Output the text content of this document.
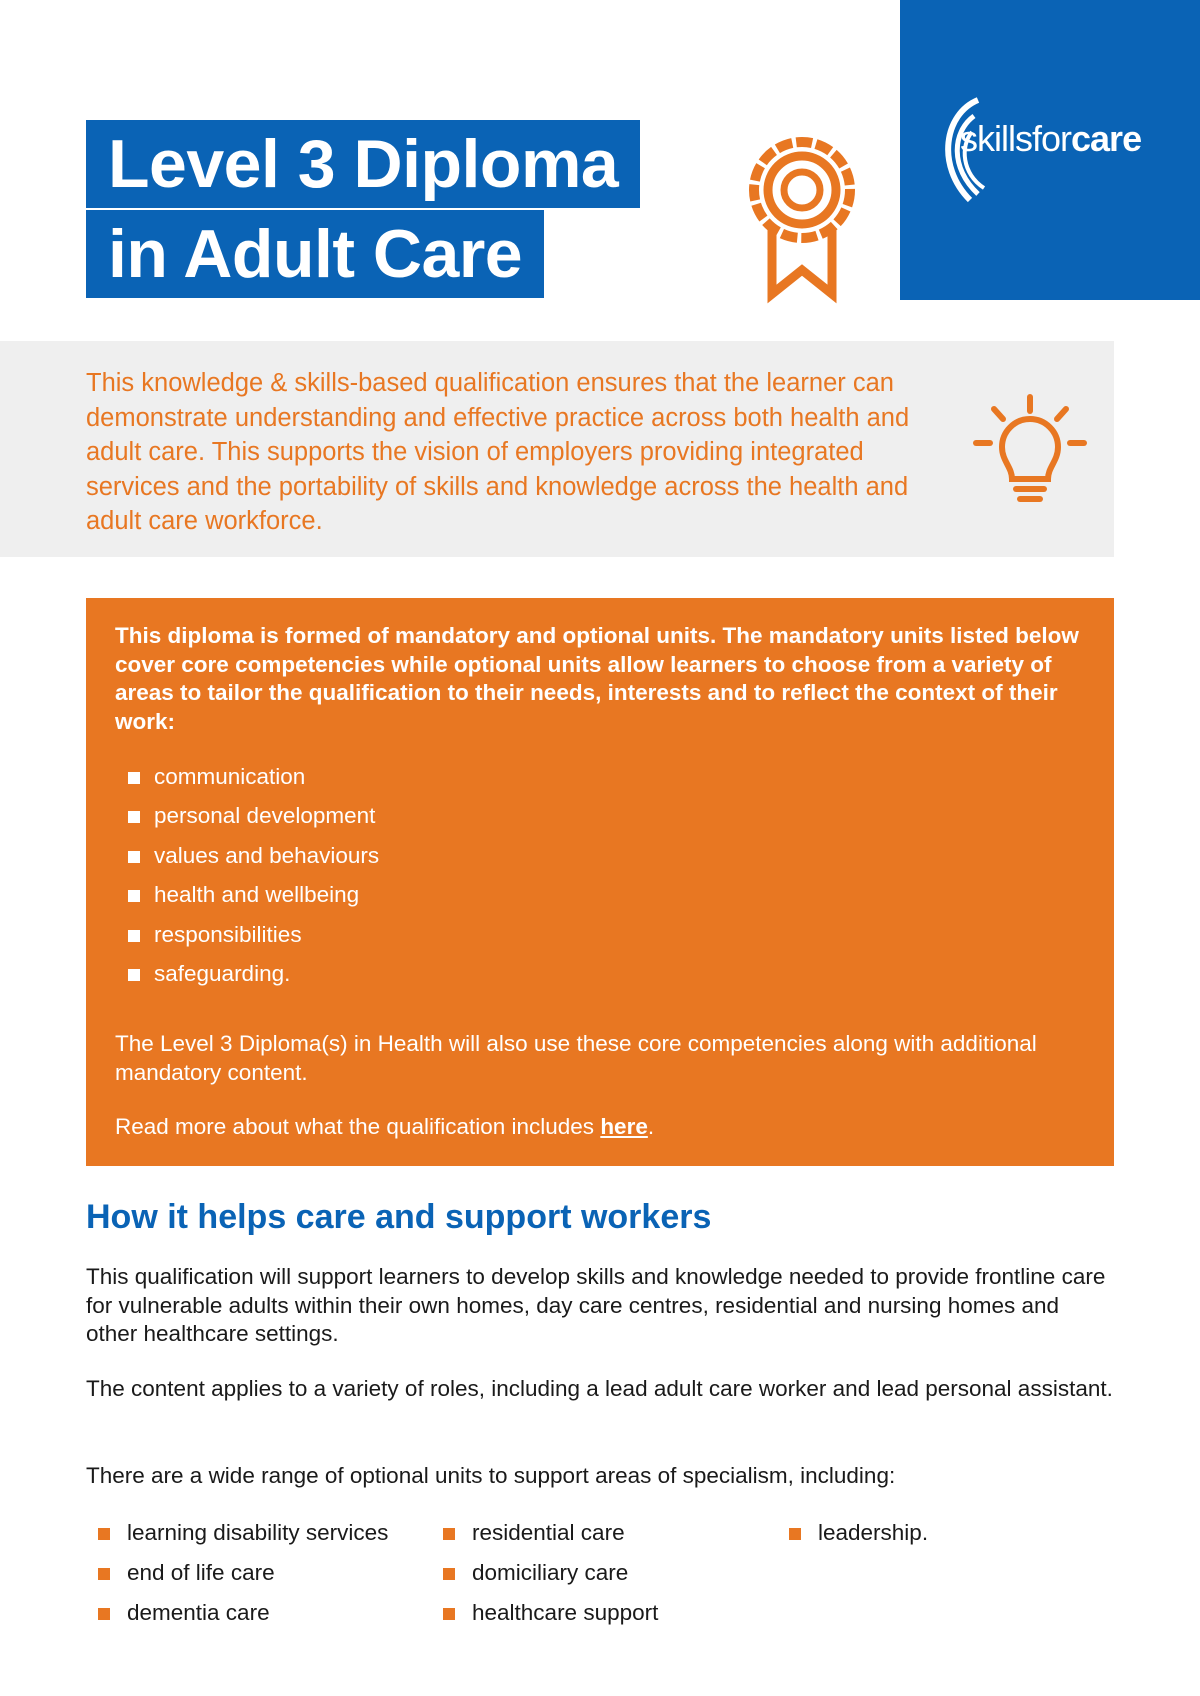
Level 3 Diploma
in Adult Care
skillsforcare
This knowledge & skills-based qualification ensures that the learner can demonstrate understanding and effective practice across both health and adult care. This supports the vision of employers providing integrated services and the portability of skills and knowledge across the health and adult care workforce.
This diploma is formed of mandatory and optional units. The mandatory units listed below cover core competencies while optional units allow learners to choose from a variety of areas to tailor the qualification to their needs, interests and to reflect the context of their work:
communication
personal development
values and behaviours
health and wellbeing
responsibilities
safeguarding.
The Level 3 Diploma(s) in Health will also use these core competencies along with additional mandatory content.
Read more about what the qualification includes here.
How it helps care and support workers
This qualification will support learners to develop skills and knowledge needed to provide frontline care for vulnerable adults within their own homes, day care centres, residential and nursing homes and other healthcare settings.
The content applies to a variety of roles, including a lead adult care worker and lead personal assistant.
There are a wide range of optional units to support areas of specialism, including:
learning disability services
end of life care
dementia care
residential care
domiciliary care
healthcare support
leadership.
